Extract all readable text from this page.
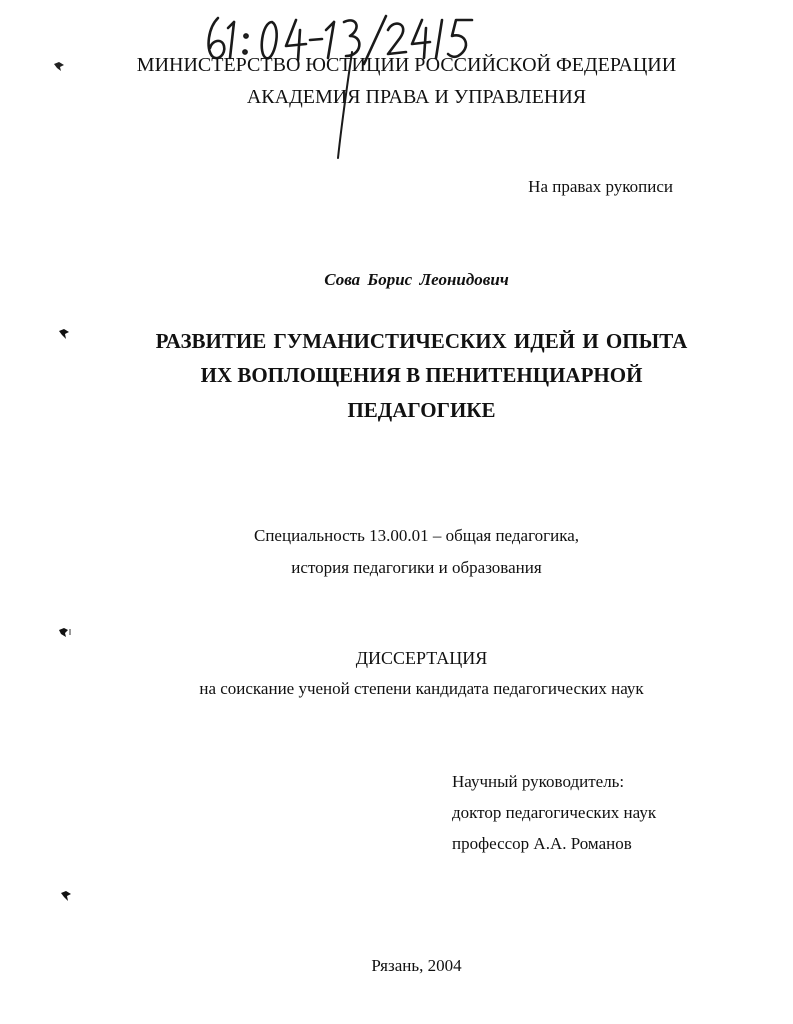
МИНИСТЕРСТВО ЮСТИЦИИ РОССИЙСКОЙ ФЕДЕРАЦИИ
АКАДЕМИЯ ПРАВА И УПРАВЛЕНИЯ
На правах рукописи
Сова Борис Леонидович
РАЗВИТИЕ ГУМАНИСТИЧЕСКИХ ИДЕЙ И ОПЫТА
ИХ ВОПЛОЩЕНИЯ В ПЕНИТЕНЦИАРНОЙ
ПЕДАГОГИКЕ
Специальность 13.00.01 – общая педагогика,
история педагогики и образования
ДИССЕРТАЦИЯ
на соискание ученой степени кандидата педагогических наук
Научный руководитель:
доктор педагогических наук
профессор А.А. Романов
Рязань, 2004
